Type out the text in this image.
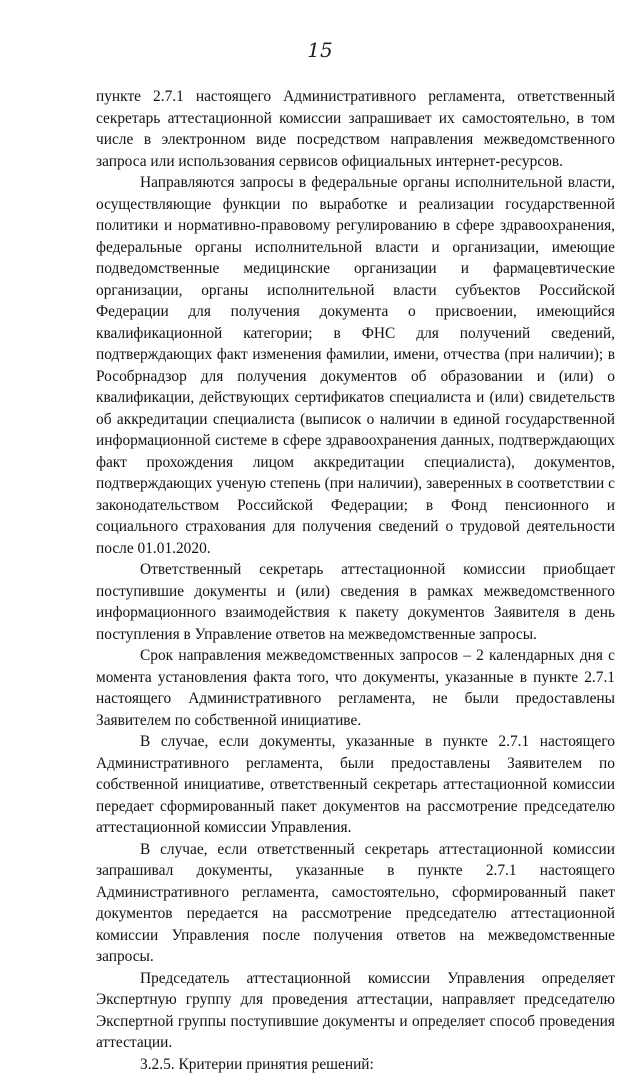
15

пункте 2.7.1 настоящего Административного регламента, ответственный секретарь аттестационной комиссии запрашивает их самостоятельно, в том числе в электронном виде посредством направления межведомственного запроса или использования сервисов официальных интернет-ресурсов.

Направляются запросы в федеральные органы исполнительной власти, осуществляющие функции по выработке и реализации государственной политики и нормативно-правовому регулированию в сфере здравоохранения, федеральные органы исполнительной власти и организации, имеющие подведомственные медицинские организации и фармацевтические организации, органы исполнительной власти субъектов Российской Федерации для получения документа о присвоении, имеющийся квалификационной категории; в ФНС для получений сведений, подтверждающих факт изменения фамилии, имени, отчества (при наличии); в Рособрнадзор для получения документов об образовании и (или) о квалификации, действующих сертификатов специалиста и (или) свидетельств об аккредитации специалиста (выписок о наличии в единой государственной информационной системе в сфере здравоохранения данных, подтверждающих факт прохождения лицом аккредитации специалиста), документов, подтверждающих ученую степень (при наличии), заверенных в соответствии с законодательством Российской Федерации; в Фонд пенсионного и социального страхования для получения сведений о трудовой деятельности после 01.01.2020.

Ответственный секретарь аттестационной комиссии приобщает поступившие документы и (или) сведения в рамках межведомственного информационного взаимодействия к пакету документов Заявителя в день поступления в Управление ответов на межведомственные запросы.

Срок направления межведомственных запросов – 2 календарных дня с момента установления факта того, что документы, указанные в пункте 2.7.1 настоящего Административного регламента, не были предоставлены Заявителем по собственной инициативе.

В случае, если документы, указанные в пункте 2.7.1 настоящего Административного регламента, были предоставлены Заявителем по собственной инициативе, ответственный секретарь аттестационной комиссии передает сформированный пакет документов на рассмотрение председателю аттестационной комиссии Управления.

В случае, если ответственный секретарь аттестационной комиссии запрашивал документы, указанные в пункте 2.7.1 настоящего Административного регламента, самостоятельно, сформированный пакет документов передается на рассмотрение председателю аттестационной комиссии Управления после получения ответов на межведомственные запросы.

Председатель аттестационной комиссии Управления определяет Экспертную группу для проведения аттестации, направляет председателю Экспертной группы поступившие документы и определяет способ проведения аттестации.

3.2.5. Критерии принятия решений:
